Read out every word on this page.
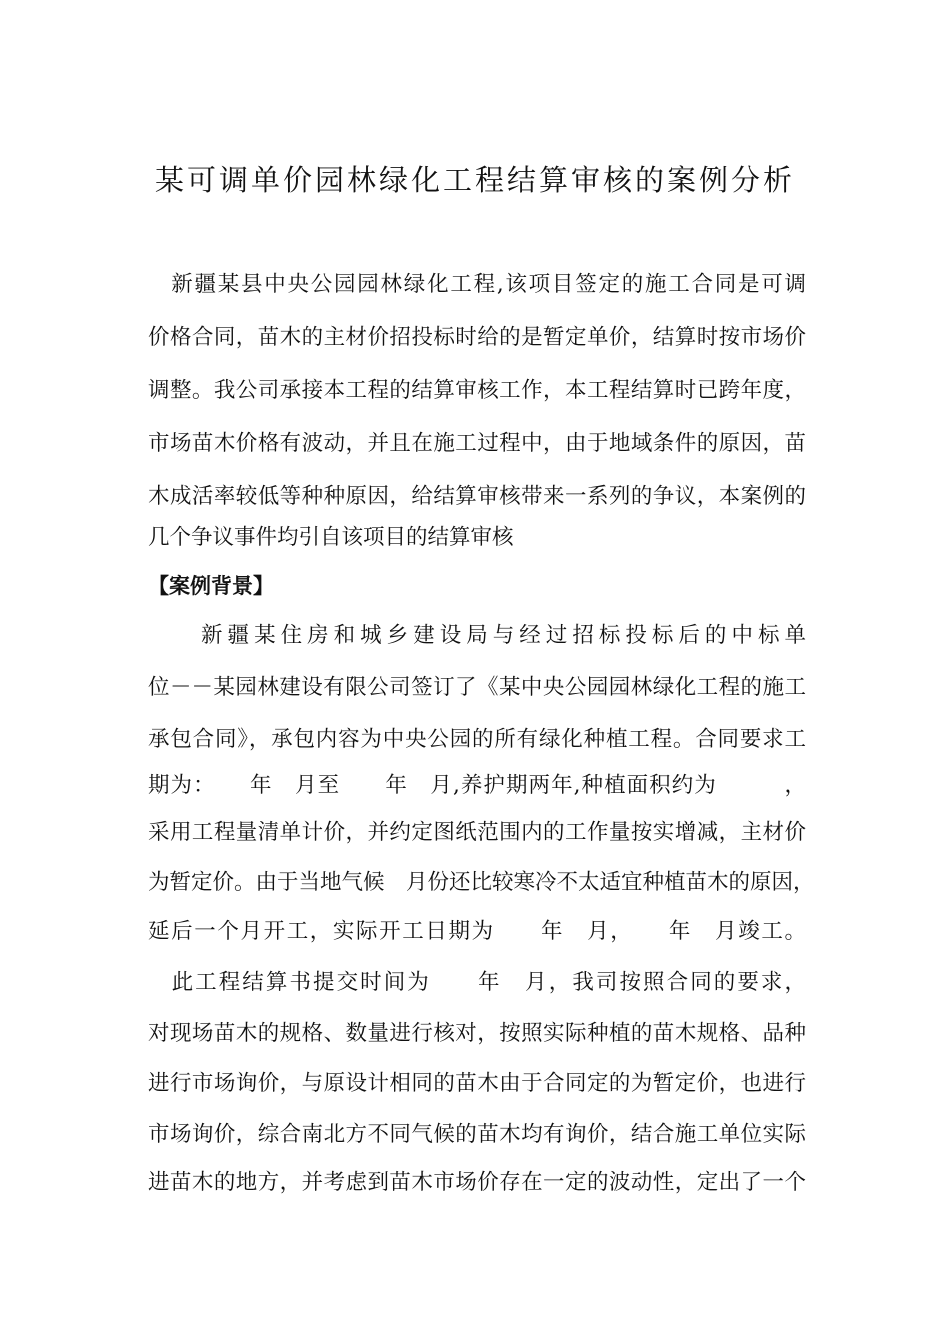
某可调单价园林绿化工程结算审核的案例分析
　新疆某县中央公园园林绿化工程,该项目签定的施工合同是可调
价格合同，苗木的主材价招投标时给的是暂定单价，结算时按市场价
调整。我公司承接本工程的结算审核工作，本工程结算时已跨年度，
市场苗木价格有波动，并且在施工过程中，由于地域条件的原因，苗
木成活率较低等种种原因，给结算审核带来一系列的争议，本案例的
几个争议事件均引自该项目的结算审核
【案例背景】
　　新疆某住房和城乡建设局与经过招标投标后的中标单
位－－某园林建设有限公司签订了《某中央公园园林绿化工程的施工
承包合同》，承包内容为中央公园的所有绿化种植工程。合同要求工
期为：　　年　月至　　年　月,养护期两年,种植面积约为　　　，
采用工程量清单计价，并约定图纸范围内的工作量按实增减，主材价
为暂定价。由于当地气候　月份还比较寒冷不太适宜种植苗木的原因，
延后一个月开工，实际开工日期为　　年　月，　　年　月竣工。
　此工程结算书提交时间为　　年　月，我司按照合同的要求，
对现场苗木的规格、数量进行核对，按照实际种植的苗木规格、品种
进行市场询价，与原设计相同的苗木由于合同定的为暂定价，也进行
市场询价，综合南北方不同气候的苗木均有询价，结合施工单位实际
进苗木的地方，并考虑到苗木市场价存在一定的波动性，定出了一个
